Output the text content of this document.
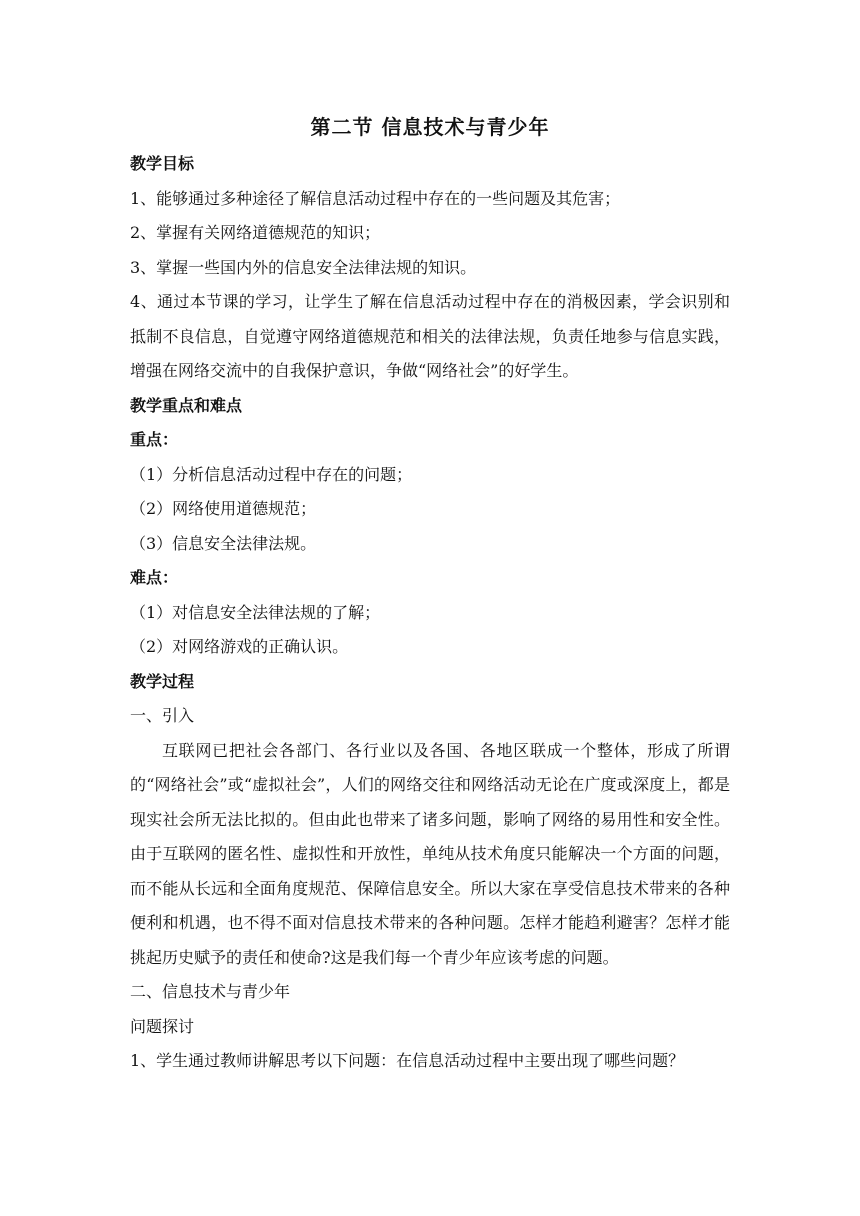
第二节 信息技术与青少年
教学目标
1、能够通过多种途径了解信息活动过程中存在的一些问题及其危害；
2、掌握有关网络道德规范的知识；
3、掌握一些国内外的信息安全法律法规的知识。
4、通过本节课的学习，让学生了解在信息活动过程中存在的消极因素，学会识别和抵制不良信息，自觉遵守网络道德规范和相关的法律法规，负责任地参与信息实践，增强在网络交流中的自我保护意识，争做“网络社会”的好学生。
教学重点和难点
重点：
（1）分析信息活动过程中存在的问题；
（2）网络使用道德规范；
（3）信息安全法律法规。
难点：
（1）对信息安全法律法规的了解；
（2）对网络游戏的正确认识。
教学过程
一、引入
互联网已把社会各部门、各行业以及各国、各地区联成一个整体，形成了所谓的“网络社会”或“虚拟社会”，人们的网络交往和网络活动无论在广度或深度上，都是现实社会所无法比拟的。但由此也带来了诸多问题，影响了网络的易用性和安全性。由于互联网的匿名性、虚拟性和开放性，单纯从技术角度只能解决一个方面的问题，而不能从长远和全面角度规范、保障信息安全。所以大家在享受信息技术带来的各种便利和机遇，也不得不面对信息技术带来的各种问题。怎样才能趋利避害？怎样才能挑起历史赋予的责任和使命?这是我们每一个青少年应该考虑的问题。
二、信息技术与青少年
问题探讨
1、学生通过教师讲解思考以下问题：在信息活动过程中主要出现了哪些问题？
